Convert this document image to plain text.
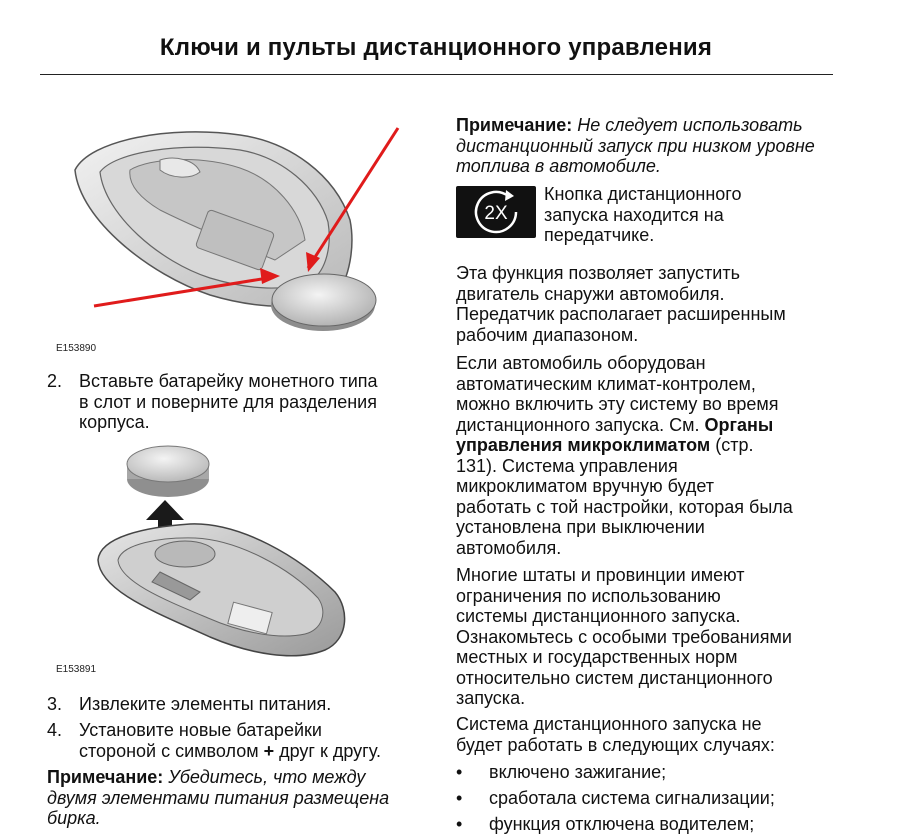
Ключи и пульты дистанционного управления
E153890
2. Вставьте батарейку монетного типа
в слот и поверните для разделения
корпуса.
E153891
3. Извлеките элементы питания.
4. Установите новые батарейки
стороной с символом + друг к другу.
Примечание: Убедитесь, что между
двумя элементами питания размещена
бирка.
Примечание: Не следует использовать
дистанционный запуск при низком уровне
топлива в автомобиле.
2X
Кнопка дистанционного
запуска находится на
передатчике.
Эта функция позволяет запустить
двигатель снаружи автомобиля.
Передатчик располагает расширенным
рабочим диапазоном.
Если автомобиль оборудован
автоматическим климат-контролем,
можно включить эту систему во время
дистанционного запуска. См. Органы
управления микроклиматом (стр.
131). Система управления
микроклиматом вручную будет
работать с той настройки, которая была
установлена при выключении
автомобиля.
Многие штаты и провинции имеют
ограничения по использованию
системы дистанционного запуска.
Ознакомьтесь с особыми требованиями
местных и государственных норм
относительно систем дистанционного
запуска.
Система дистанционного запуска не
будет работать в следующих случаях:
• включено зажигание;
• сработала система сигнализации;
• функция отключена водителем;
